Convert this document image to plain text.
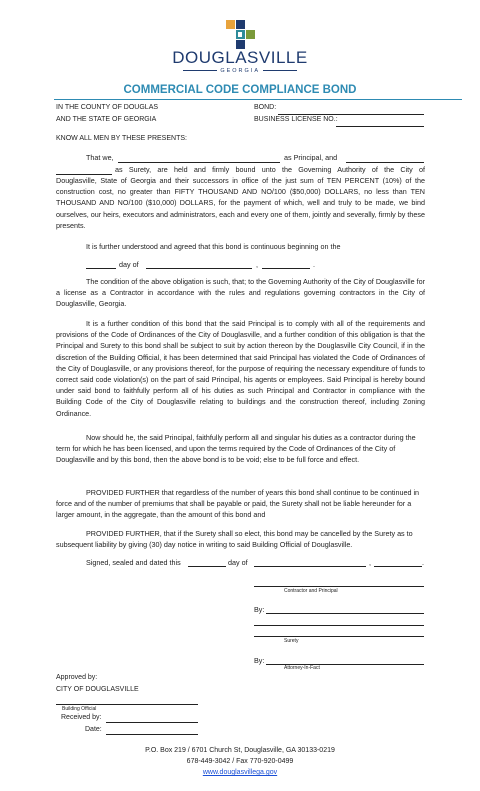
DOUGLASVILLE
GEORGIA
COMMERCIAL CODE COMPLIANCE BOND
IN THE COUNTY OF DOUGLAS
AND THE STATE OF GEORGIA
BOND:
BUSINESS LICENSE NO.:
KNOW ALL MEN BY THESE PRESENTS:
That we,	as Principal, and
as Surety, are held and firmly bound unto the Governing Authority of the City of
Douglasville, State of Georgia and their successors in office of the just sum of TEN PERCENT (10%) of the construction cost, no greater than FIFTY THOUSAND AND NO/100 ($50,000) DOLLARS, no less than TEN THOUSAND AND NO/100 ($10,000) DOLLARS, for the payment of which, well and truly to be made, we bind ourselves, our heirs, executors and administrators, each and every one of them, jointly and severally, firmly by these presents.
It is further understood and agreed that this bond is continuous beginning on the
day of	,	.
The condition of the above obligation is such, that; to the Governing Authority of the City of Douglasville for a license as a Contractor in accordance with the rules and regulations governing contractors in the City of Douglasville, Georgia.
It is a further condition of this bond that the said Principal is to comply with all of the requirements and provisions of the Code of Ordinances of the City of Douglasville, and a further condition of this obligation is that the Principal and Surety to this bond shall be subject to suit by action thereon by the Douglasville City Council, if in the discretion of the Building Official, it has been determined that said Principal has violated the Code of Ordinances of the City of Douglasville, or any provisions thereof, for the purpose of requiring the necessary expenditure of funds to correct said code violation(s) on the part of said Principal, his agents or employees. Said Principal is hereby bound under said bond to faithfully perform all of his duties as such Principal and Contractor in compliance with the Building Code of the City of Douglasville relating to buildings and the construction thereof, including Zoning Ordinance.
Now should he, the said Principal, faithfully perform all and singular his duties as a contractor during the term for which he has been licensed, and upon the terms required by the Code of Ordinances of the City of Douglasville and by this bond, then the above bond is to be void; else to be full force and effect.
PROVIDED FURTHER that regardless of the number of years this bond shall continue to be continued in force and of the number of premiums that shall be payable or paid, the Surety shall not be liable hereunder for a larger amount, in the aggregate, than the amount of this bond and
PROVIDED FURTHER, that if the Surety shall so elect, this bond may be cancelled by the Surety as to subsequent liability by giving (30) day notice in writing to said Building Official of Douglasville.
Signed, sealed and dated this	day of	,	.
Contractor and Principal
By:
Surety
By:
Attorney-In-Fact
Approved by:
CITY OF DOUGLASVILLE
Building Official
Received by:
Date:
P.O. Box 219 / 6701 Church St, Douglasville, GA 30133-0219
678-449-3042 / Fax 770-920-0499
www.douglasvillega.gov
